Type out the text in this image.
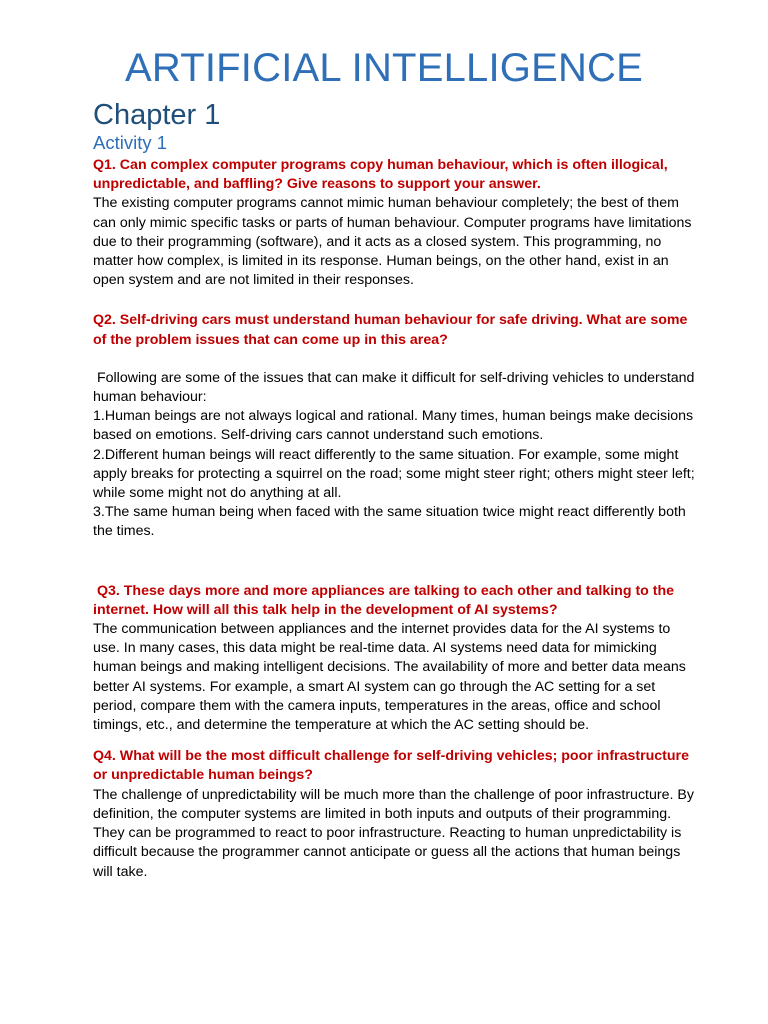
ARTIFICIAL INTELLIGENCE
Chapter 1
Activity 1

Q1. Can complex computer programs copy human behaviour, which is often illogical, unpredictable, and baffling? Give reasons to support your answer.

The existing computer programs cannot mimic human behaviour completely; the best of them can only mimic specific tasks or parts of human behaviour. Computer programs have limitations due to their programming (software), and it acts as a closed system. This programming, no matter how complex, is limited in its response. Human beings, on the other hand, exist in an open system and are not limited in their responses.

Q2. Self-driving cars must understand human behaviour for safe driving. What are some of the problem issues that can come up in this area?

Following are some of the issues that can make it difficult for self-driving vehicles to understand human behaviour:

1.Human beings are not always logical and rational. Many times, human beings make decisions based on emotions. Self-driving cars cannot understand such emotions.

2.Different human beings will react differently to the same situation. For example, some might apply breaks for protecting a squirrel on the road; some might steer right; others might steer left; while some might not do anything at all.

3.The same human being when faced with the same situation twice might react differently both the times.

Q3. These days more and more appliances are talking to each other and talking to the internet. How will all this talk help in the development of AI systems?

The communication between appliances and the internet provides data for the AI systems to use. In many cases, this data might be real-time data. AI systems need data for mimicking human beings and making intelligent decisions. The availability of more and better data means better AI systems. For example, a smart AI system can go through the AC setting for a set period, compare them with the camera inputs, temperatures in the areas, office and school timings, etc., and determine the temperature at which the AC setting should be.

Q4. What will be the most difficult challenge for self-driving vehicles; poor infrastructure or unpredictable human beings?

The challenge of unpredictability will be much more than the challenge of poor infrastructure. By definition, the computer systems are limited in both inputs and outputs of their programming. They can be programmed to react to poor infrastructure. Reacting to human unpredictability is difficult because the programmer cannot anticipate or guess all the actions that human beings will take.
